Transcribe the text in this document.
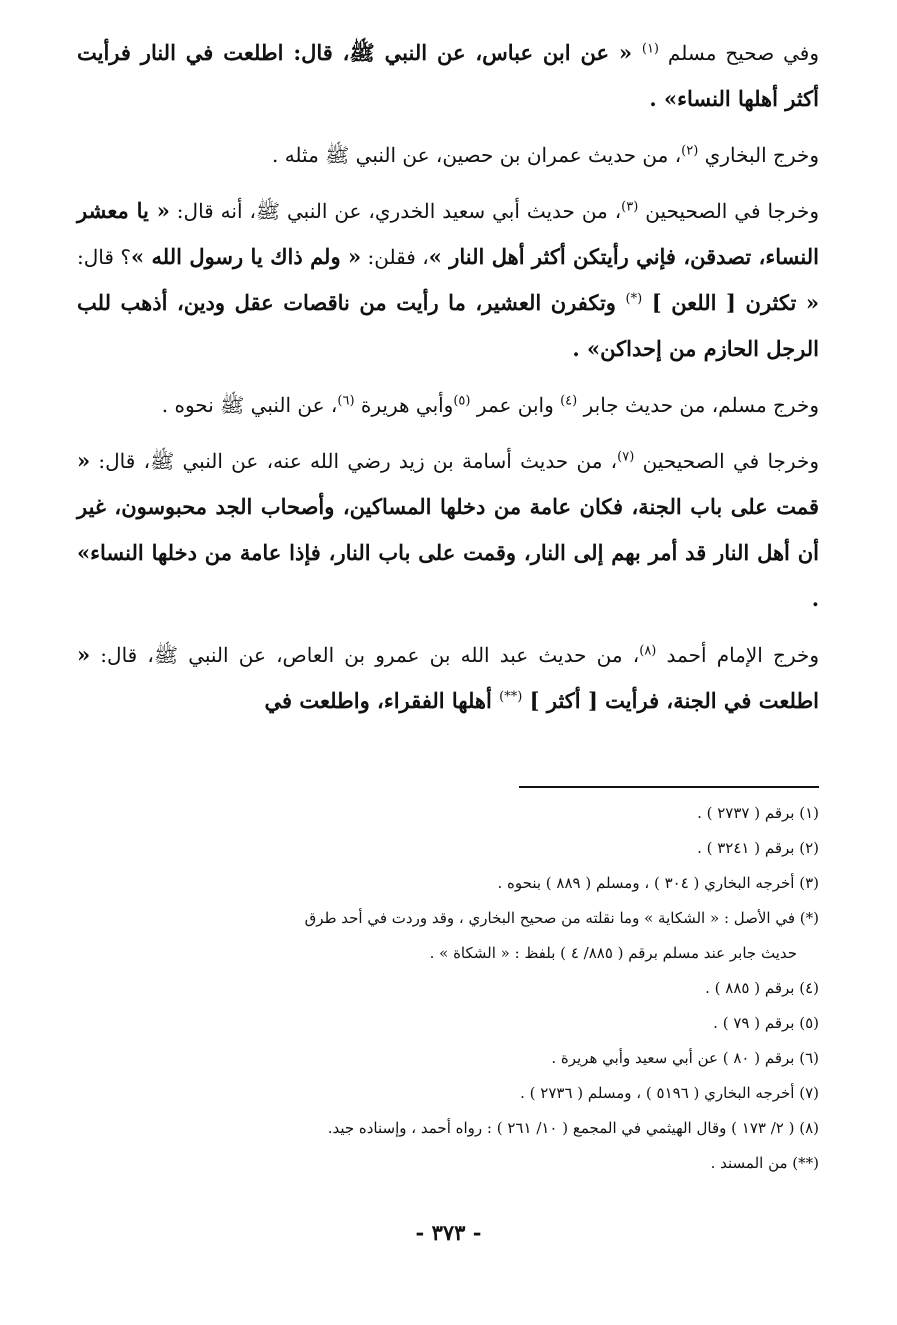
وفي صحيح مسلم $^{(١)}$ « عن ابن عباس، عن النبي ﷺ، قال: اطلعت في النار فرأيت أكثر أهلها النساء» .

وخرج البخاري $^{(٢)}$، من حديث عمران بن حصين، عن النبي ﷺ مثله .

وخرجا في الصحيحين $^{(٣)}$، من حديث أبي سعيد الخدري، عن النبي ﷺ، أنه قال: « يا معشر النساء، تصدقن، فإني رأيتكن أكثر أهل النار »، فقلن: « ولم ذاك يا رسول الله »؟ قال: « تكثرن [ اللعن ] (*) وتكفرن العشير، ما رأيت من ناقصات عقل ودين، أذهب للب الرجل الحازم من إحداكن» .

وخرج مسلم، من حديث جابر $^{(٤)}$ وابن عمر $^{(٥)}$وأبي هريرة $^{(٦)}$، عن النبي ﷺ نحوه .

وخرجا في الصحيحين $^{(٧)}$، من حديث أسامة بن زيد رضي الله عنه، عن النبي ﷺ، قال: « قمت على باب الجنة، فكان عامة من دخلها المساكين، وأصحاب الجد محبوسون، غير أن أهل النار قد أمر بهم إلى النار، وقمت على باب النار، فإذا عامة من دخلها النساء» .

وخرج الإمام أحمد $^{(٨)}$، من حديث عبد الله بن عمرو بن العاص، عن النبي ﷺ، قال: « اطلعت في الجنة، فرأيت [ أكثر ] (**) أهلها الفقراء، واطلعت في

(١) برقم ( ٢٧٣٧ ) .

(٢) برقم ( ٣٢٤١ ) .

(٣) أخرجه البخاري ( ٣٠٤ ) ، ومسلم ( ٨٨٩ ) بنحوه .

(*) في الأصل : « الشكاية » وما نقلته من صحيح البخاري ، وقد وردت في أحد طرق

حديث جابر عند مسلم برقم ( ٨٨٥/ ٤ ) بلفظ : « الشكاة » .

(٤) برقم ( ٨٨٥ ) .

(٥) برقم ( ٧٩ ) .

(٦) برقم ( ٨٠ ) عن أبي سعيد وأبي هريرة .

(٧) أخرجه البخاري ( ٥١٩٦ ) ، ومسلم ( ٢٧٣٦ ) .

(٨) ( ٢/ ١٧٣ ) وقال الهيثمي في المجمع ( ١٠/ ٢٦١ ) : رواه أحمد ، وإسناده جيد.

(**) من المسند .

- ٣٧٣ -
